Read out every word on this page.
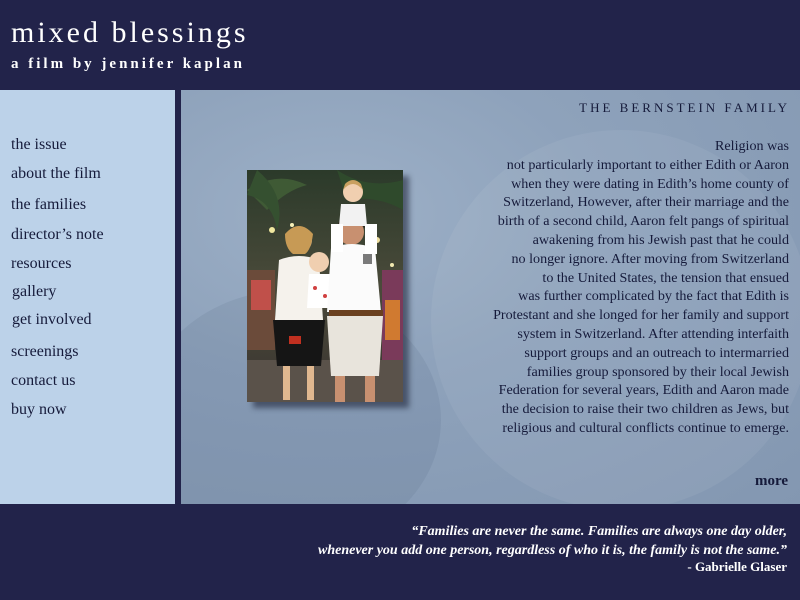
mixed blessings
a film by jennifer kaplan
the issue
about the film
the families
director’s note
resources
gallery
get involved
screenings
contact us
buy now
THE BERNSTEIN FAMILY
Religion was
not particularly important to either Edith or Aaron
when they were dating in Edith’s home county of
Switzerland, However, after their marriage and the
birth of a second child, Aaron felt pangs of spiritual
awakening from his Jewish past that he could
no longer ignore. After moving from Switzerland
to the United States, the tension that ensued
was further complicated by the fact that Edith is
Protestant and she longed for her family and support
system in Switzerland. After attending interfaith
support groups and an outreach to intermarried
families group sponsored by their local Jewish
Federation for several years, Edith and Aaron made
the decision to raise their two children as Jews, but
religious and cultural conflicts continue to emerge.
more
“Families are never the same. Families are always one day older,
whenever you add one person, regardless of who it is, the family is not the same.”
- Gabrielle Glaser
